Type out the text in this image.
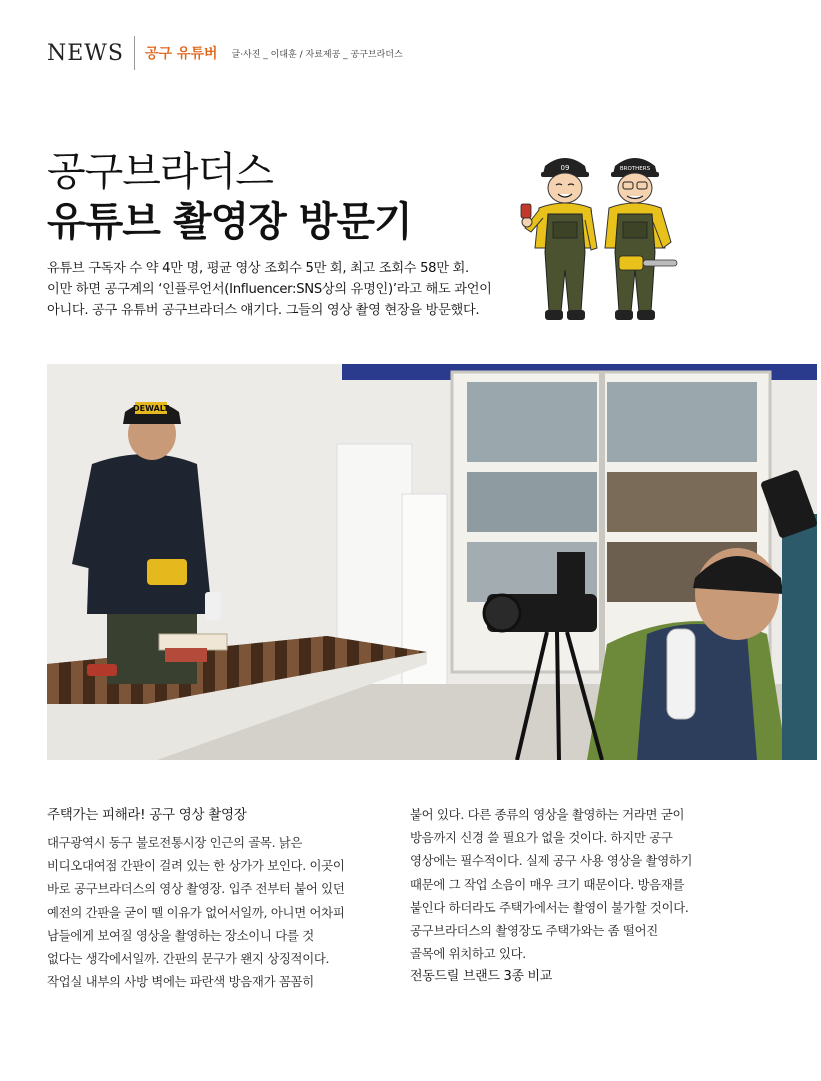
NEWS 공구 유튜버 글·사진 _ 이대훈 / 자료제공 _ 공구브라더스
공구브라더스
유튜브 촬영장 방문기
유튜브 구독자 수 약 4만 명, 평균 영상 조회수 5만 회, 최고 조회수 58만 회.
이만 하면 공구계의 ‘인플루언서(Influencer:SNS상의 유명인)’라고 해도 과언이
아니다. 공구 유튜버 공구브라더스 얘기다. 그들의 영상 촬영 현장을 방문했다.
09	BROTHERS
DEWALT
주택가는 피해라! 공구 영상 촬영장
대구광역시 동구 불로전통시장 인근의 골목. 낡은
비디오대여점 간판이 걸려 있는 한 상가가 보인다. 이곳이
바로 공구브라더스의 영상 촬영장. 입주 전부터 붙어 있던
예전의 간판을 굳이 뗄 이유가 없어서일까, 아니면 어차피
남들에게 보여질 영상을 촬영하는 장소이니 다를 것
없다는 생각에서일까. 간판의 문구가 왠지 상징적이다.
작업실 내부의 사방 벽에는 파란색 방음재가 꼼꼼히
붙어 있다. 다른 종류의 영상을 촬영하는 거라면 굳이
방음까지 신경 쓸 필요가 없을 것이다. 하지만 공구
영상에는 필수적이다. 실제 공구 사용 영상을 촬영하기
때문에 그 작업 소음이 매우 크기 때문이다. 방음재를
붙인다 하더라도 주택가에서는 촬영이 불가할 것이다.
공구브라더스의 촬영장도 주택가와는 좀 떨어진
골목에 위치하고 있다.
전동드릴 브랜드 3종 비교
